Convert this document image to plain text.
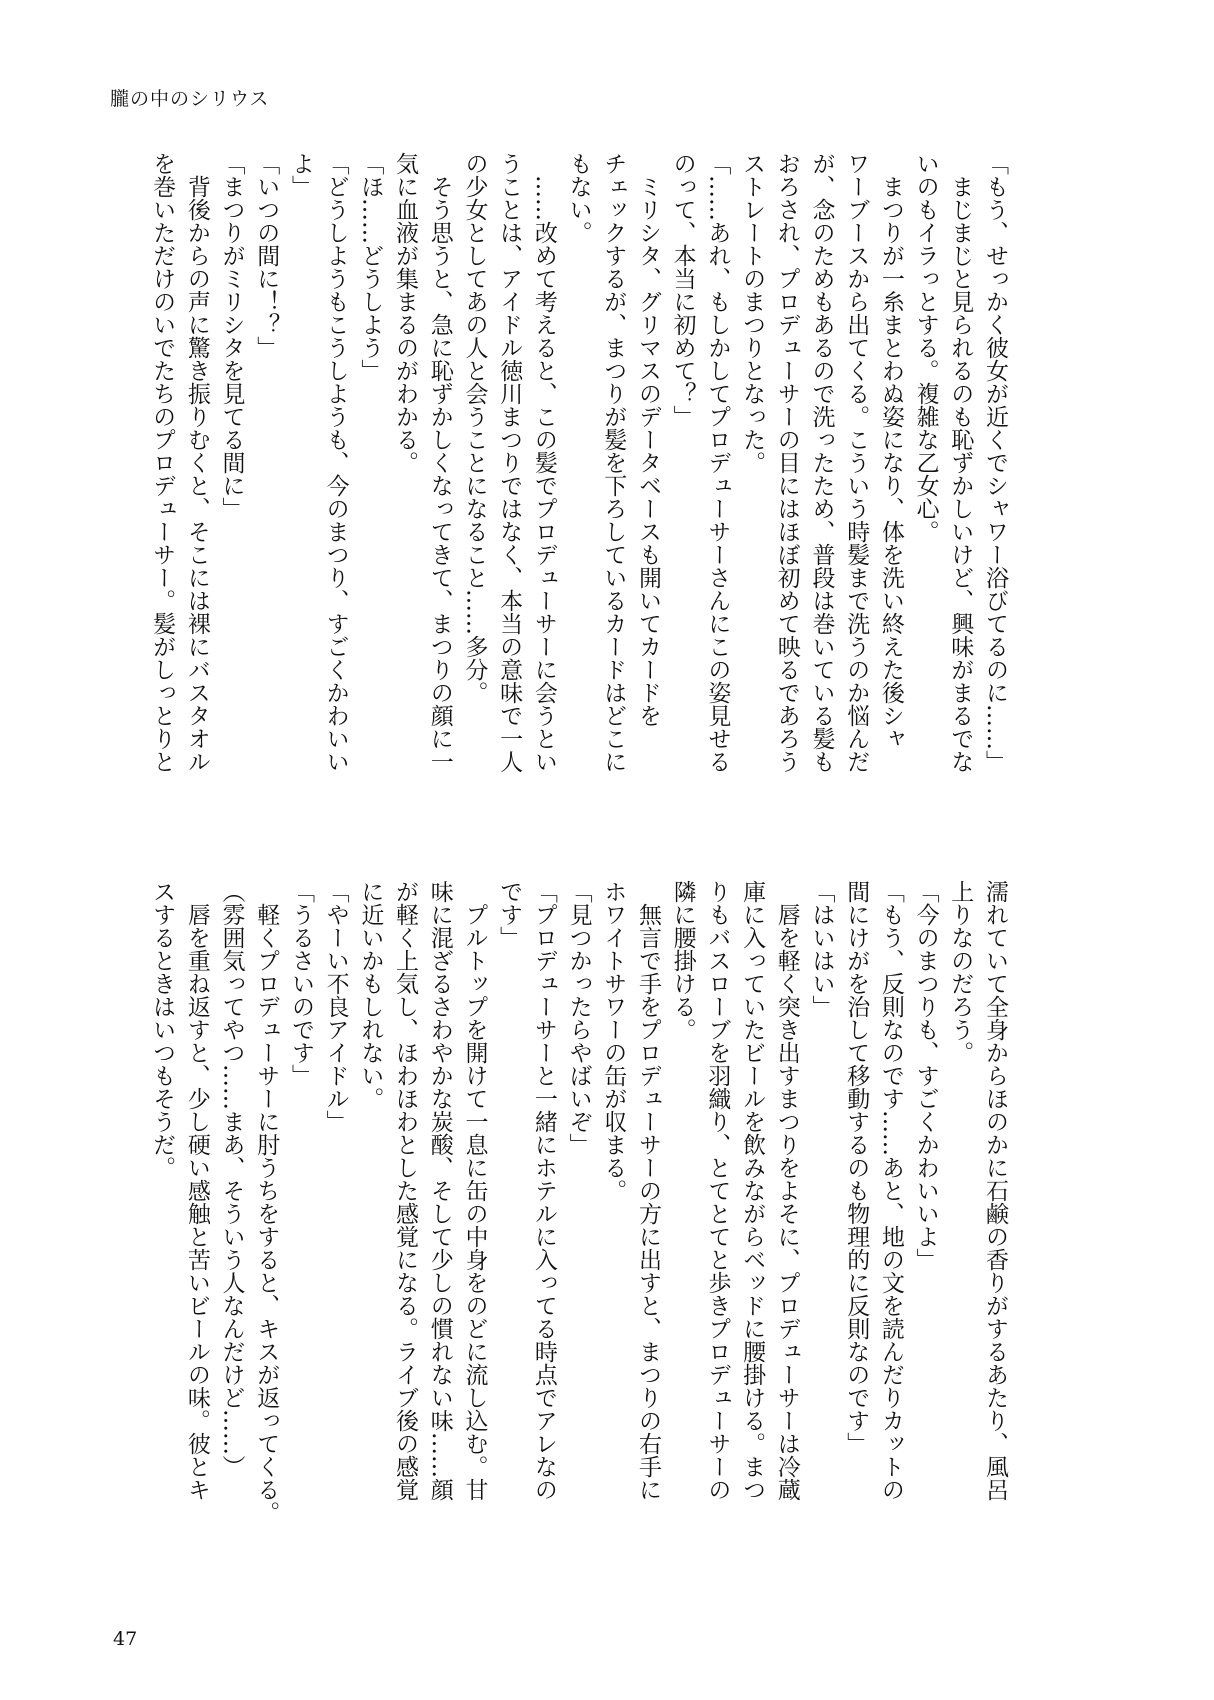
朧の中のシリウス
「もう、せっかく彼女が近くでシャワー浴びてるのに……」
　まじまじと見られるのも恥ずかしいけど、興味がまるでな
いのもイラっとする。複雑な乙女心。
　まつりが一糸まとわぬ姿になり、体を洗い終えた後シャ
ワーブースから出てくる。こういう時髪まで洗うのか悩んだ
が、念のためもあるので洗ったため、普段は巻いている髪も
おろされ、プロデューサーの目にはほぼ初めて映るであろう
ストレートのまつりとなった。
「……あれ、もしかしてプロデューサーさんにこの姿見せる
のって、本当に初めて？」
　ミリシタ、グリマスのデータベースも開いてカードを
チェックするが、まつりが髪を下ろしているカードはどこに
もない。
　……改めて考えると、この髪でプロデューサーに会うとい
うことは、アイドル徳川まつりではなく、本当の意味で一人
の少女としてあの人と会うことになること……多分。
　そう思うと、急に恥ずかしくなってきて、まつりの顔に一
気に血液が集まるのがわかる。
「ほ……どうしよう」
「どうしようもこうしようも、今のまつり、すごくかわいい
よ」
「いつの間に！？」
「まつりがミリシタを見てる間に」
　背後からの声に驚き振りむくと、そこには裸にバスタオル
を巻いただけのいでたちのプロデューサー。髪がしっとりと
濡れていて全身からほのかに石鹸の香りがするあたり、風呂
上りなのだろう。
「今のまつりも、すごくかわいいよ」
「もう、反則なのです……あと、地の文を読んだりカットの
間にけがを治して移動するのも物理的に反則なのです」
「はいはい」
　唇を軽く突き出すまつりをよそに、プロデューサーは冷蔵
庫に入っていたビールを飲みながらベッドに腰掛ける。まつ
りもバスローブを羽織り、とてとてと歩きプロデューサーの
隣に腰掛ける。
　無言で手をプロデューサーの方に出すと、まつりの右手に
ホワイトサワーの缶が収まる。
「見つかったらやばいぞ」
「プロデューサーと一緒にホテルに入ってる時点でアレなの
です」
　プルトップを開けて一息に缶の中身をのどに流し込む。甘
味に混ざるさわやかな炭酸、そして少しの慣れない味……顔
が軽く上気し、ほわほわとした感覚になる。ライブ後の感覚
に近いかもしれない。
「やーい不良アイドル」
「うるさいのです」
　軽くプロデューサーに肘うちをすると、キスが返ってくる。
（雰囲気ってやつ……まあ、そういう人なんだけど……）
　唇を重ね返すと、少し硬い感触と苦いビールの味。彼とキ
スするときはいつもそうだ。
47
